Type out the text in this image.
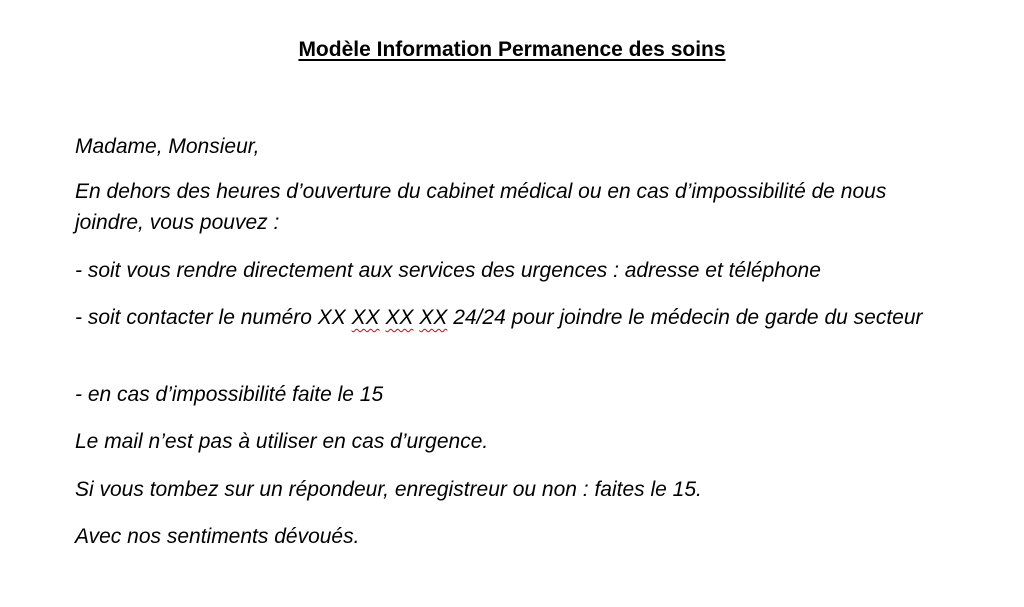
Modèle Information Permanence des soins

Madame, Monsieur,

En dehors des heures d’ouverture du cabinet médical ou en cas d’impossibilité de nous joindre, vous pouvez :

- soit vous rendre directement aux services des urgences : adresse et téléphone

- soit contacter le numéro XX XX XX XX 24/24 pour joindre le médecin de garde du secteur

- en cas d’impossibilité faite le 15

Le mail n’est pas à utiliser en cas d’urgence.

Si vous tombez sur un répondeur, enregistreur ou non : faites le 15.

Avec nos sentiments dévoués.
